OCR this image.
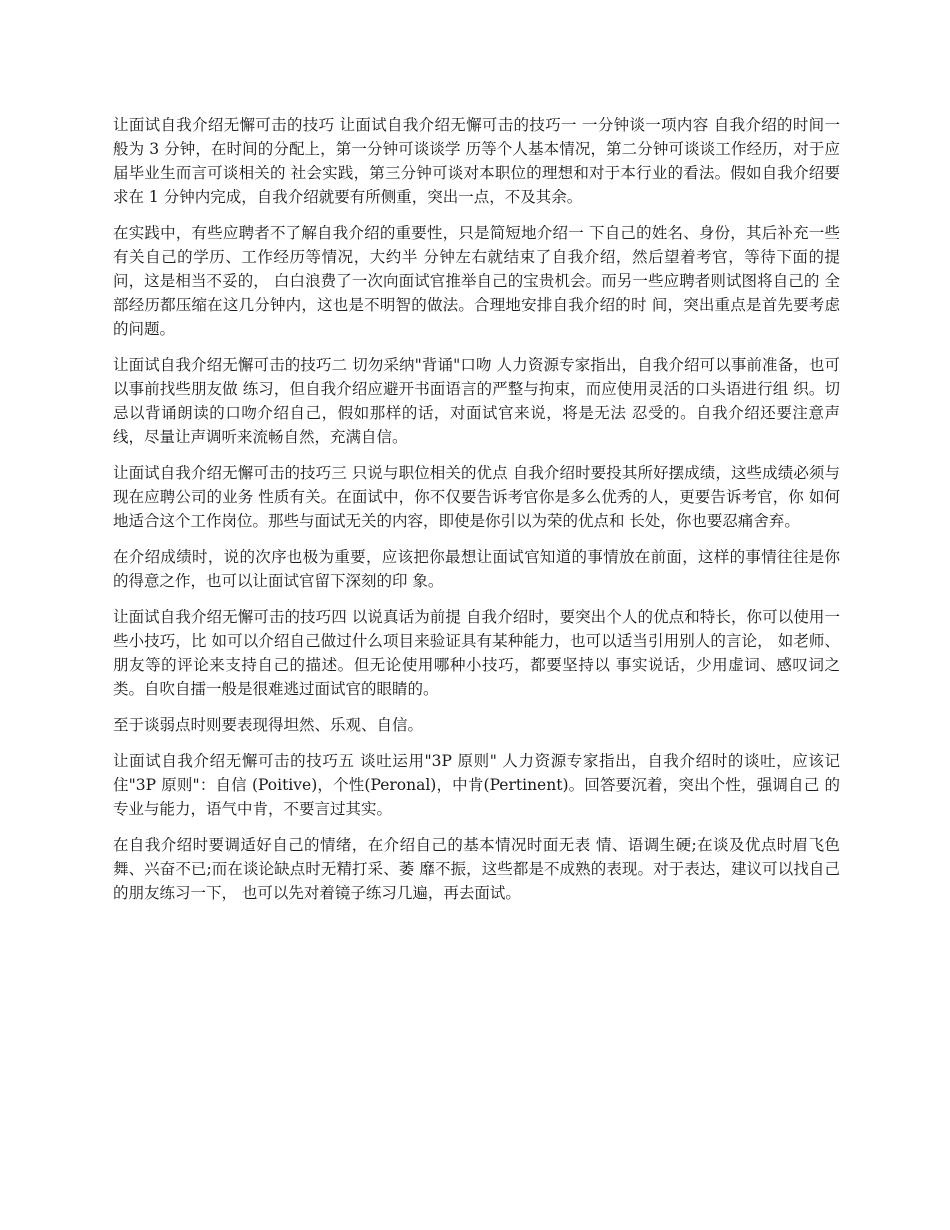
让面试自我介绍无懈可击的技巧 让面试自我介绍无懈可击的技巧一 一分钟谈一项内容 自我介绍的时间一般为 3 分钟，在时间的分配上，第一分钟可谈谈学 历等个人基本情况，第二分钟可谈谈工作经历，对于应届毕业生而言可谈相关的 社会实践，第三分钟可谈对本职位的理想和对于本行业的看法。假如自我介绍要 求在 1 分钟内完成，自我介绍就要有所侧重，突出一点，不及其余。

在实践中，有些应聘者不了解自我介绍的重要性，只是简短地介绍一 下自己的姓名、身份，其后补充一些有关自己的学历、工作经历等情况，大约半 分钟左右就结束了自我介绍，然后望着考官，等待下面的提问，这是相当不妥的， 白白浪费了一次向面试官推举自己的宝贵机会。而另一些应聘者则试图将自己的 全部经历都压缩在这几分钟内，这也是不明智的做法。合理地安排自我介绍的时 间，突出重点是首先要考虑的问题。

让面试自我介绍无懈可击的技巧二 切勿采纳"背诵"口吻 人力资源专家指出，自我介绍可以事前准备，也可以事前找些朋友做 练习，但自我介绍应避开书面语言的严整与拘束，而应使用灵活的口头语进行组 织。切忌以背诵朗读的口吻介绍自己，假如那样的话，对面试官来说，将是无法 忍受的。自我介绍还要注意声线，尽量让声调听来流畅自然，充满自信。

让面试自我介绍无懈可击的技巧三 只说与职位相关的优点 自我介绍时要投其所好摆成绩，这些成绩必须与现在应聘公司的业务 性质有关。在面试中，你不仅要告诉考官你是多么优秀的人，更要告诉考官，你 如何地适合这个工作岗位。那些与面试无关的内容，即使是你引以为荣的优点和 长处，你也要忍痛舍弃。

在介绍成绩时，说的次序也极为重要，应该把你最想让面试官知道的事情放在前面，这样的事情往往是你的得意之作，也可以让面试官留下深刻的印 象。

让面试自我介绍无懈可击的技巧四 以说真话为前提 自我介绍时，要突出个人的优点和特长，你可以使用一些小技巧，比 如可以介绍自己做过什么项目来验证具有某种能力，也可以适当引用别人的言论， 如老师、朋友等的评论来支持自己的描述。但无论使用哪种小技巧，都要坚持以 事实说话，少用虚词、感叹词之类。自吹自擂一般是很难逃过面试官的眼睛的。

至于谈弱点时则要表现得坦然、乐观、自信。

让面试自我介绍无懈可击的技巧五 谈吐运用"3P 原则" 人力资源专家指出，自我介绍时的谈吐，应该记住"3P 原则"：自信 (Poitive)，个性(Peronal)，中肯(Pertinent)。回答要沉着，突出个性，强调自己 的专业与能力，语气中肯，不要言过其实。

在自我介绍时要调适好自己的情绪，在介绍自己的基本情况时面无表 情、语调生硬;在谈及优点时眉飞色舞、兴奋不已;而在谈论缺点时无精打采、萎 靡不振，这些都是不成熟的表现。对于表达，建议可以找自己的朋友练习一下， 也可以先对着镜子练习几遍，再去面试。
